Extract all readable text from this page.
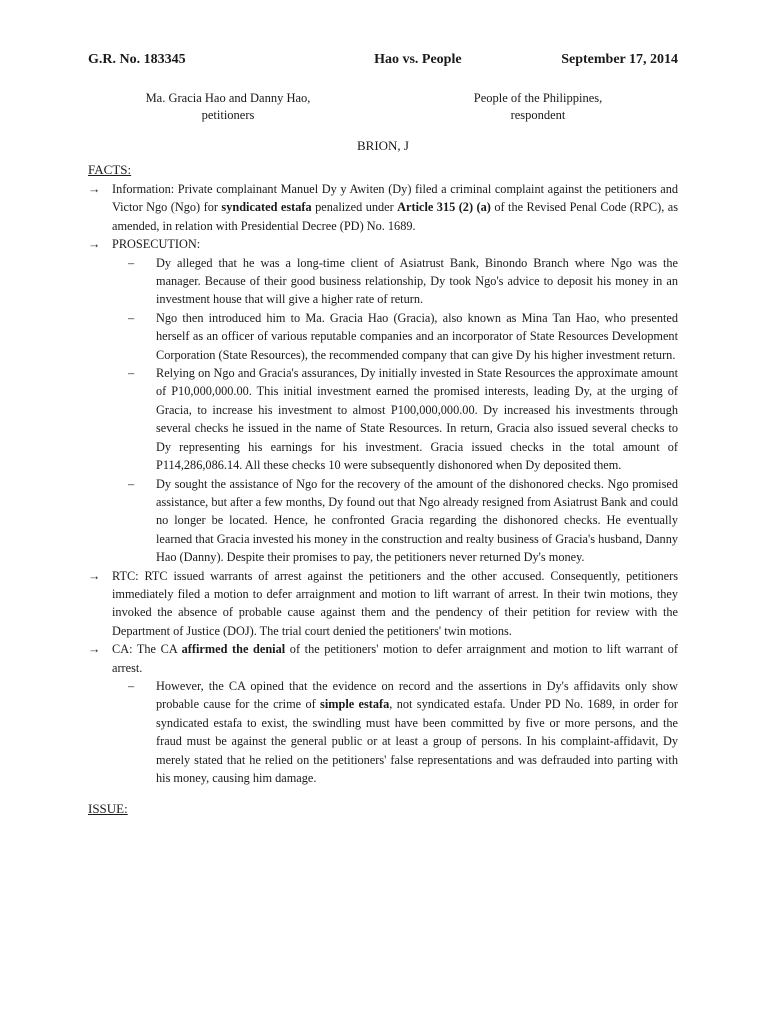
G.R. No. 183345	Hao vs. People	September 17, 2014
Ma. Gracia Hao and Danny Hao,
petitioners
People of the Philippines,
respondent
BRION, J
FACTS:
→ Information: Private complainant Manuel Dy y Awiten (Dy) filed a criminal complaint against the petitioners and Victor Ngo (Ngo) for syndicated estafa penalized under Article 315 (2) (a) of the Revised Penal Code (RPC), as amended, in relation with Presidential Decree (PD) No. 1689.
→ PROSECUTION:
– Dy alleged that he was a long-time client of Asiatrust Bank, Binondo Branch where Ngo was the manager. Because of their good business relationship, Dy took Ngo's advice to deposit his money in an investment house that will give a higher rate of return.
– Ngo then introduced him to Ma. Gracia Hao (Gracia), also known as Mina Tan Hao, who presented herself as an officer of various reputable companies and an incorporator of State Resources Development Corporation (State Resources), the recommended company that can give Dy his higher investment return.
– Relying on Ngo and Gracia's assurances, Dy initially invested in State Resources the approximate amount of P10,000,000.00. This initial investment earned the promised interests, leading Dy, at the urging of Gracia, to increase his investment to almost P100,000,000.00. Dy increased his investments through several checks he issued in the name of State Resources. In return, Gracia also issued several checks to Dy representing his earnings for his investment. Gracia issued checks in the total amount of P114,286,086.14. All these checks 10 were subsequently dishonored when Dy deposited them.
– Dy sought the assistance of Ngo for the recovery of the amount of the dishonored checks. Ngo promised assistance, but after a few months, Dy found out that Ngo already resigned from Asiatrust Bank and could no longer be located. Hence, he confronted Gracia regarding the dishonored checks. He eventually learned that Gracia invested his money in the construction and realty business of Gracia's husband, Danny Hao (Danny). Despite their promises to pay, the petitioners never returned Dy's money.
→ RTC: RTC issued warrants of arrest against the petitioners and the other accused. Consequently, petitioners immediately filed a motion to defer arraignment and motion to lift warrant of arrest. In their twin motions, they invoked the absence of probable cause against them and the pendency of their petition for review with the Department of Justice (DOJ). The trial court denied the petitioners' twin motions.
→ CA: The CA affirmed the denial of the petitioners' motion to defer arraignment and motion to lift warrant of arrest.
– However, the CA opined that the evidence on record and the assertions in Dy's affidavits only show probable cause for the crime of simple estafa, not syndicated estafa. Under PD No. 1689, in order for syndicated estafa to exist, the swindling must have been committed by five or more persons, and the fraud must be against the general public or at least a group of persons. In his complaint-affidavit, Dy merely stated that he relied on the petitioners' false representations and was defrauded into parting with his money, causing him damage.
ISSUE:
